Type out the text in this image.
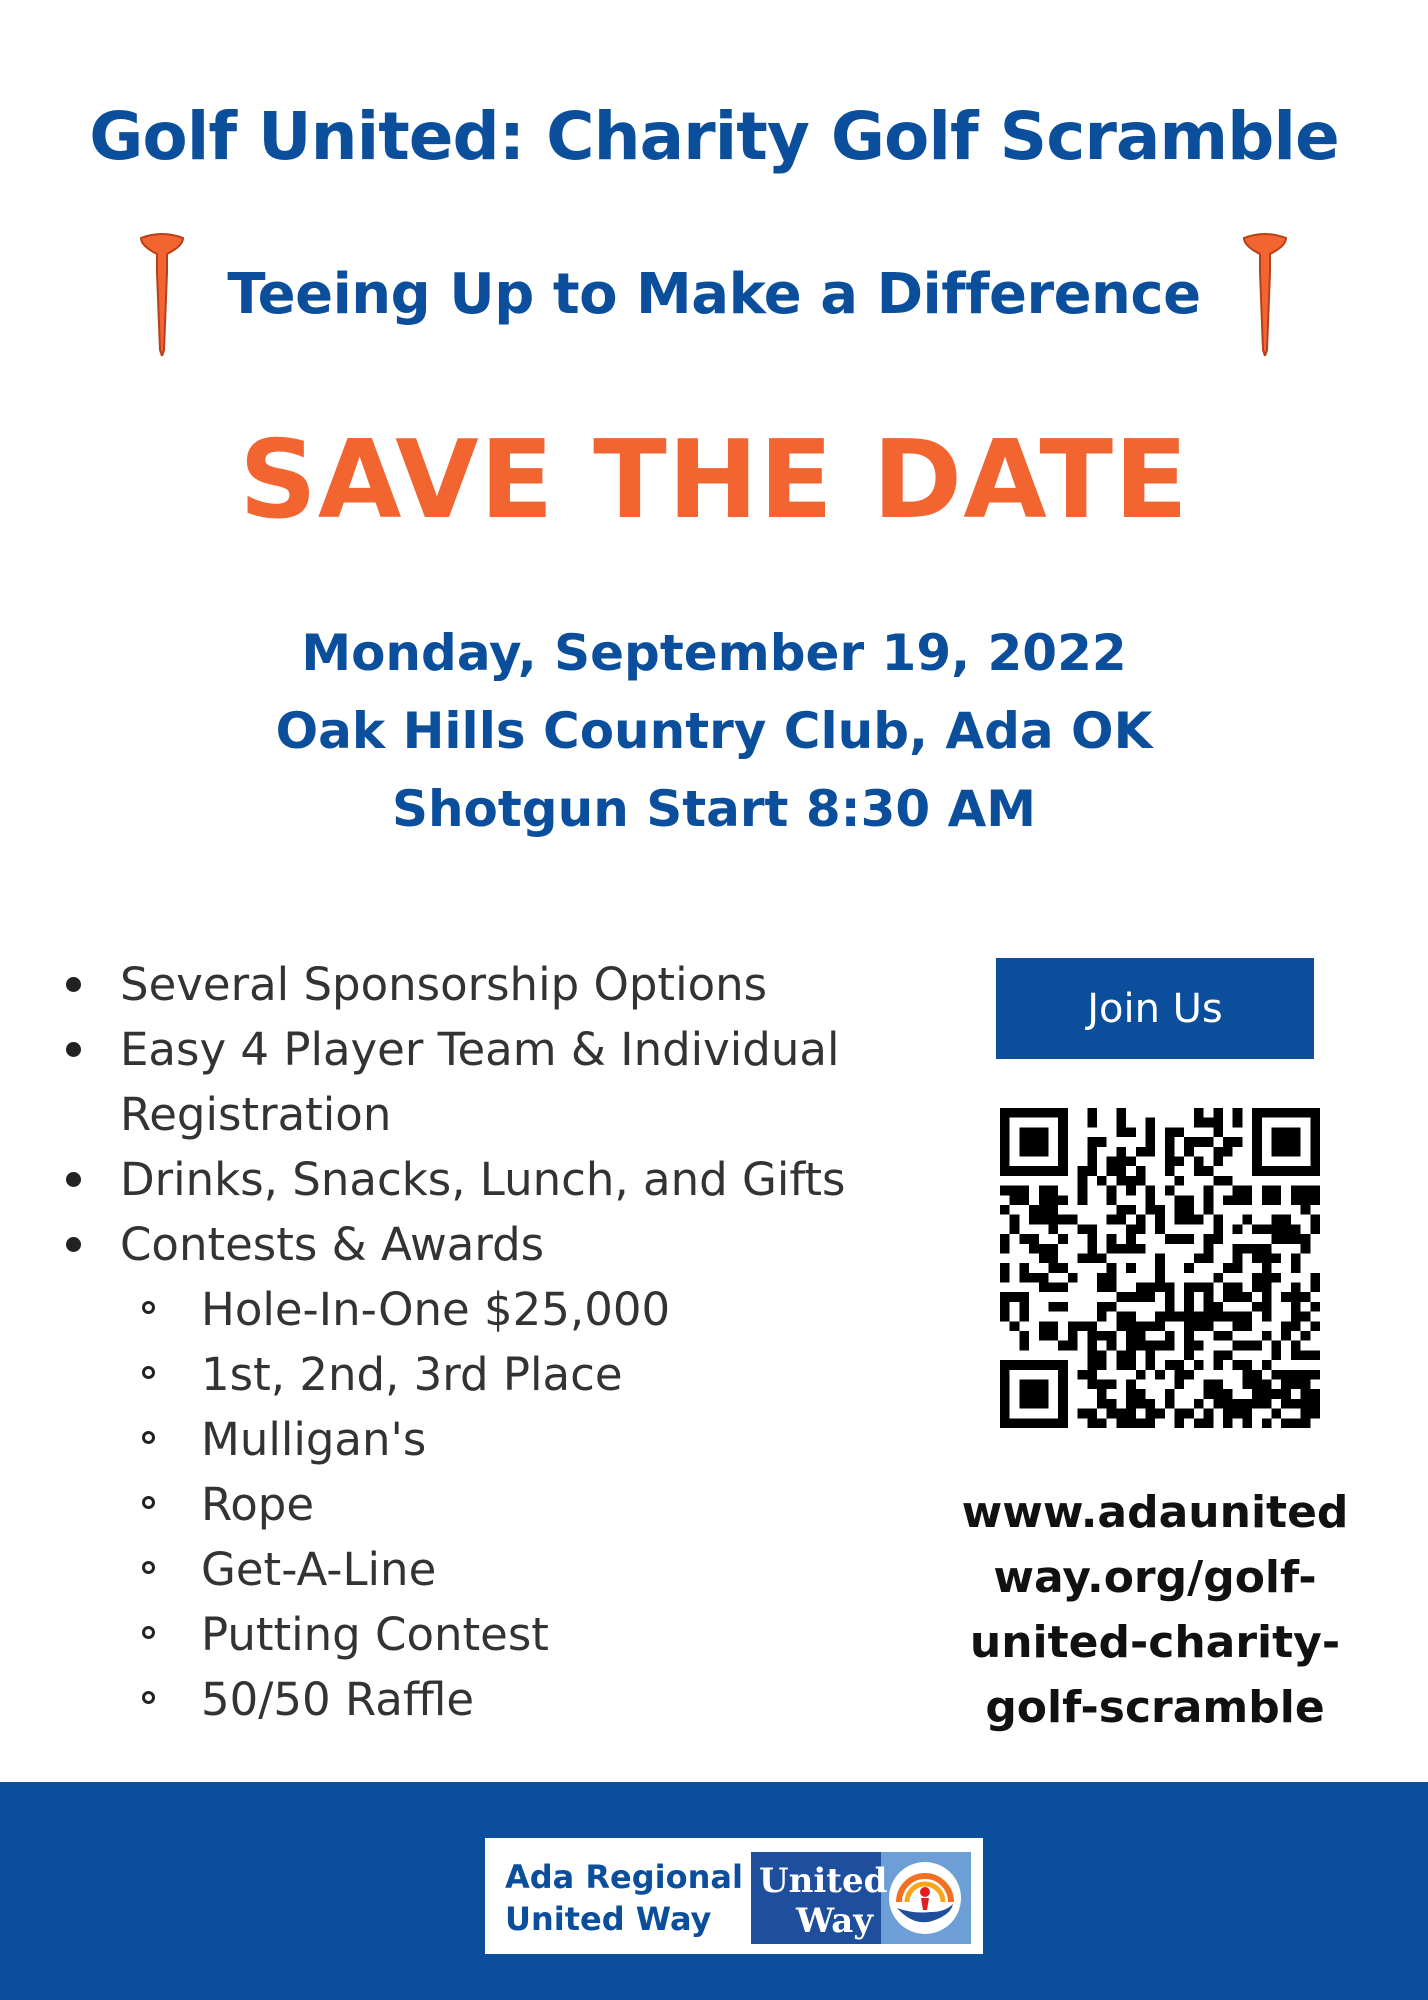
Golf United: Charity Golf Scramble
Teeing Up to Make a Difference
SAVE THE DATE
Monday, September 19, 2022
Oak Hills Country Club, Ada OK
Shotgun Start 8:30 AM
Several Sponsorship Options
Easy 4 Player Team & Individual
Registration
Drinks, Snacks, Lunch, and Gifts
Contests & Awards
Hole-In-One $25,000
1st, 2nd, 3rd Place
Mulligan's
Rope
Get-A-Line
Putting Contest
50/50 Raffle
Join Us
www.adaunited
way.org/golf-
united-charity-
golf-scramble
Ada Regional
United Way
United
Way
